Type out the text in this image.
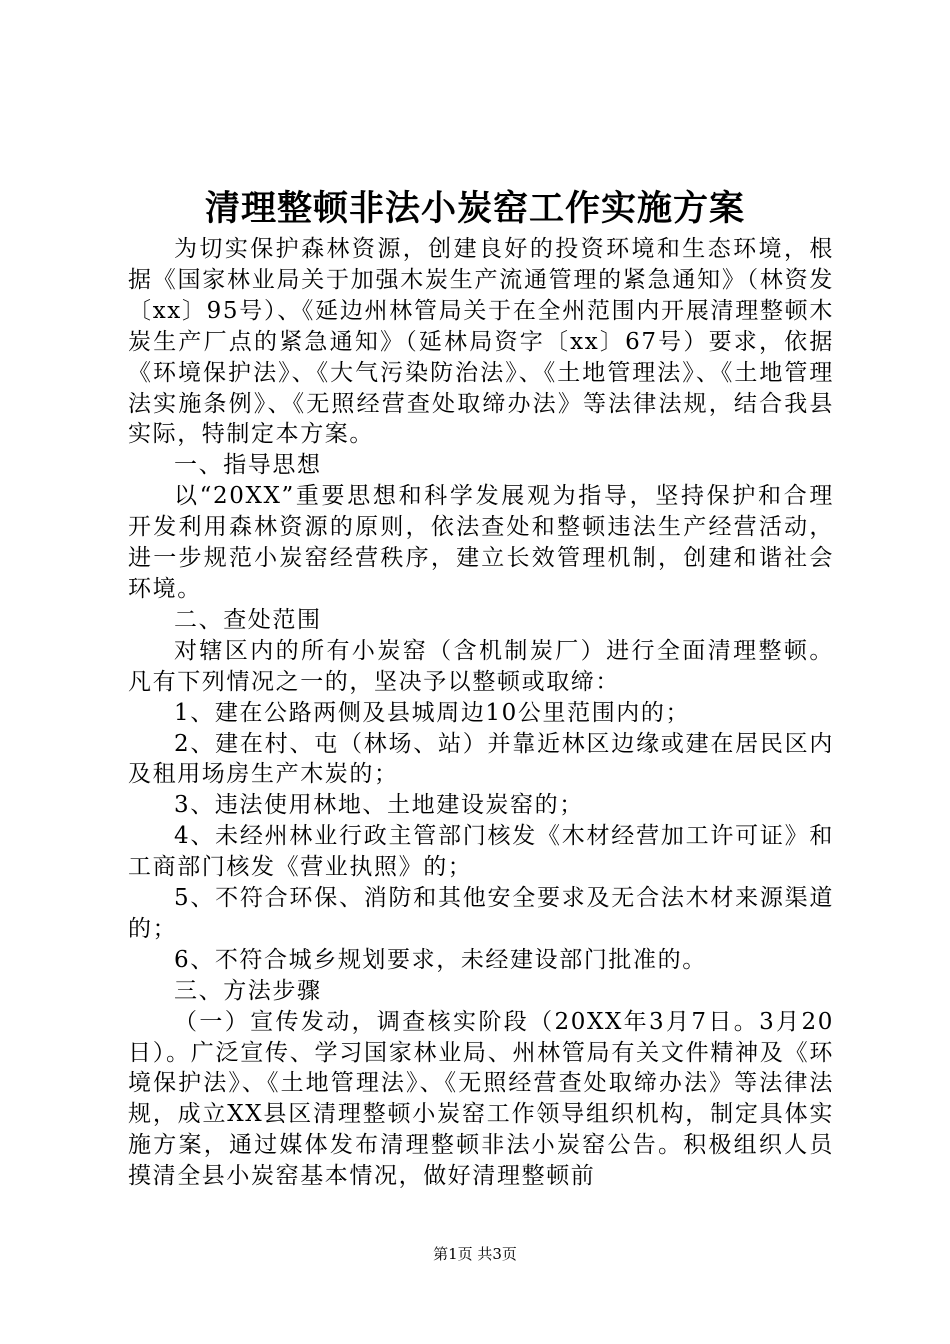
清理整顿非法小炭窑工作实施方案

为切实保护森林资源，创建良好的投资环境和生态环境，根据《国家林业局关于加强木炭生产流通管理的紧急通知》（林资发〔xx〕95号）、《延边州林管局关于在全州范围内开展清理整顿木炭生产厂点的紧急通知》（延林局资字〔xx〕67号）要求，依据《环境保护法》、《大气污染防治法》、《土地管理法》、《土地管理法实施条例》、《无照经营查处取缔办法》等法律法规，结合我县实际，特制定本方案。

一、指导思想

以“20XX”重要思想和科学发展观为指导，坚持保护和合理开发利用森林资源的原则，依法查处和整顿违法生产经营活动，进一步规范小炭窑经营秩序，建立长效管理机制，创建和谐社会环境。

二、查处范围

对辖区内的所有小炭窑（含机制炭厂）进行全面清理整顿。凡有下列情况之一的，坚决予以整顿或取缔：

1、建在公路两侧及县城周边10公里范围内的；

2、建在村、屯（林场、站）并靠近林区边缘或建在居民区内及租用场房生产木炭的；

3、违法使用林地、土地建设炭窑的；

4、未经州林业行政主管部门核发《木材经营加工许可证》和工商部门核发《营业执照》的；

5、不符合环保、消防和其他安全要求及无合法木材来源渠道的；

6、不符合城乡规划要求，未经建设部门批准的。

三、方法步骤

（一）宣传发动，调查核实阶段（20XX年3月7日。3月20日）。广泛宣传、学习国家林业局、州林管局有关文件精神及《环境保护法》、《土地管理法》、《无照经营查处取缔办法》等法律法规，成立XX县区清理整顿小炭窑工作领导组织机构，制定具体实施方案，通过媒体发布清理整顿非法小炭窑公告。积极组织人员摸清全县小炭窑基本情况，做好清理整顿前

第1页 共3页
